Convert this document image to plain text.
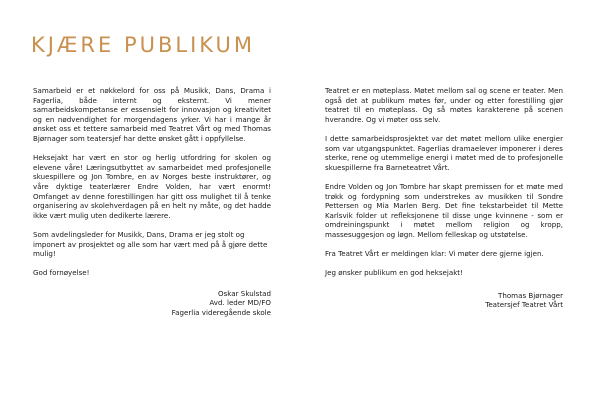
KJÆRE PUBLIKUM

Samarbeid er et nøkkelord for oss på Musikk, Dans, Drama i Fagerlia, både internt og eksternt. Vi mener samarbeidskompetanse er essensielt for innovasjon og kreativitet og en nødvendighet for morgendagens yrker. Vi har i mange år ønsket oss et tettere samarbeid med Teatret Vårt og med Thomas Bjørnager som teatersjef har dette ønsket gått i oppfyllelse.

Heksejakt har vært en stor og herlig utfordring for skolen og elevene våre! Læringsutbyttet av samarbeidet med profesjonelle skuespillere og Jon Tombre, en av Norges beste instruktører, og våre dyktige teaterlærer Endre Volden, har vært enormt! Omfanget av denne forestillingen har gitt oss mulighet til å tenke organisering av skolehverdagen på en helt ny måte, og det hadde ikke vært mulig uten dedikerte lærere.

Som avdelingsleder for Musikk, Dans, Drama er jeg stolt og imponert av prosjektet og alle som har vært med på å gjøre dette mulig!

God fornøyelse!

Oskar Skulstad
Avd. leder MD/FO
Fagerlia videregående skole

Teatret er en møteplass. Møtet mellom sal og scene er teater. Men også det at publikum møtes før, under og etter forestilling gjør teatret til en møteplass. Og så møtes karakterene på scenen hverandre. Og vi møter oss selv.

I dette samarbeidsprosjektet var det møtet mellom ulike energier som var utgangspunktet. Fagerlias dramaelever imponerer i deres sterke, rene og utemmelige energi i møtet med de to profesjonelle skuespillerne fra Barneteatret Vårt.

Endre Volden og Jon Tombre har skapt premissen for et møte med trøkk og fordypning som understrekes av musikken til Sondre Pettersen og Mia Marlen Berg. Det fine tekstarbeidet til Mette Karlsvik folder ut refleksjonene til disse unge kvinnene - som er omdreiningspunkt i møtet mellom religion og kropp, massesuggesjon og løgn. Mellom felleskap og utstøtelse.

Fra Teatret Vårt er meldingen klar: Vi møter dere gjerne igjen.

Jeg ønsker publikum en god heksejakt!

Thomas Bjørnager
Teatersjef Teatret Vårt
